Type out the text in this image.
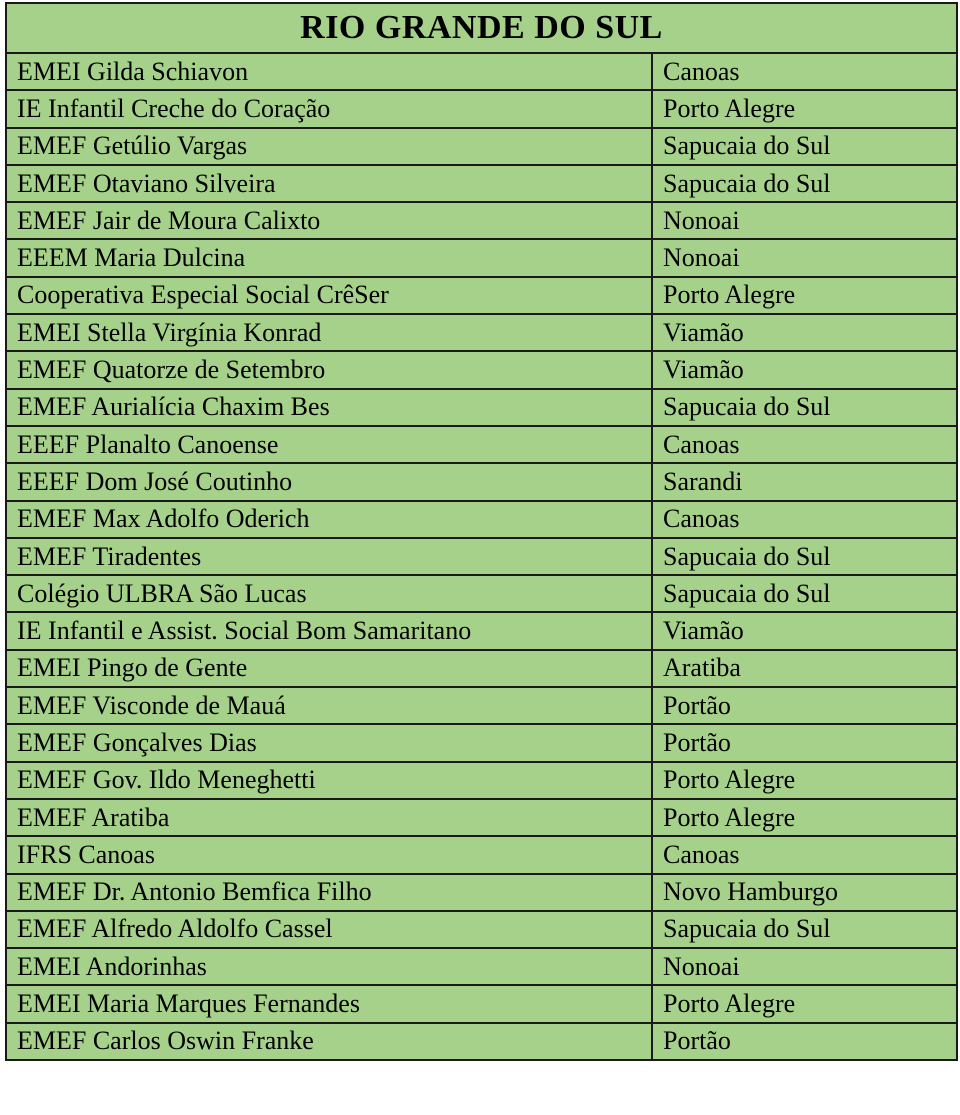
RIO GRANDE DO SUL	
EMEI Gilda Schiavon	Canoas
IE Infantil Creche do Coração	Porto Alegre
EMEF Getúlio Vargas	Sapucaia do Sul
EMEF Otaviano Silveira	Sapucaia do Sul
EMEF Jair de Moura Calixto	Nonoai
EEEM Maria Dulcina	Nonoai
Cooperativa Especial Social CrêSer	Porto Alegre
EMEI Stella Virgínia Konrad	Viamão
EMEF Quatorze de Setembro	Viamão
EMEF Aurialícia Chaxim Bes	Sapucaia do Sul
EEEF Planalto Canoense	Canoas
EEEF Dom José Coutinho	Sarandi
EMEF Max Adolfo Oderich	Canoas
EMEF Tiradentes	Sapucaia do Sul
Colégio ULBRA São Lucas	Sapucaia do Sul
IE Infantil e Assist. Social Bom Samaritano	Viamão
EMEI Pingo de Gente	Aratiba
EMEF Visconde de Mauá	Portão
EMEF Gonçalves Dias	Portão
EMEF Gov. Ildo Meneghetti	Porto Alegre
EMEF Aratiba	Porto Alegre
IFRS Canoas	Canoas
EMEF Dr. Antonio Bemfica Filho	Novo Hamburgo
EMEF Alfredo Aldolfo Cassel	Sapucaia do Sul
EMEI Andorinhas	Nonoai
EMEI Maria Marques Fernandes	Porto Alegre
EMEF Carlos Oswin Franke	Portão
